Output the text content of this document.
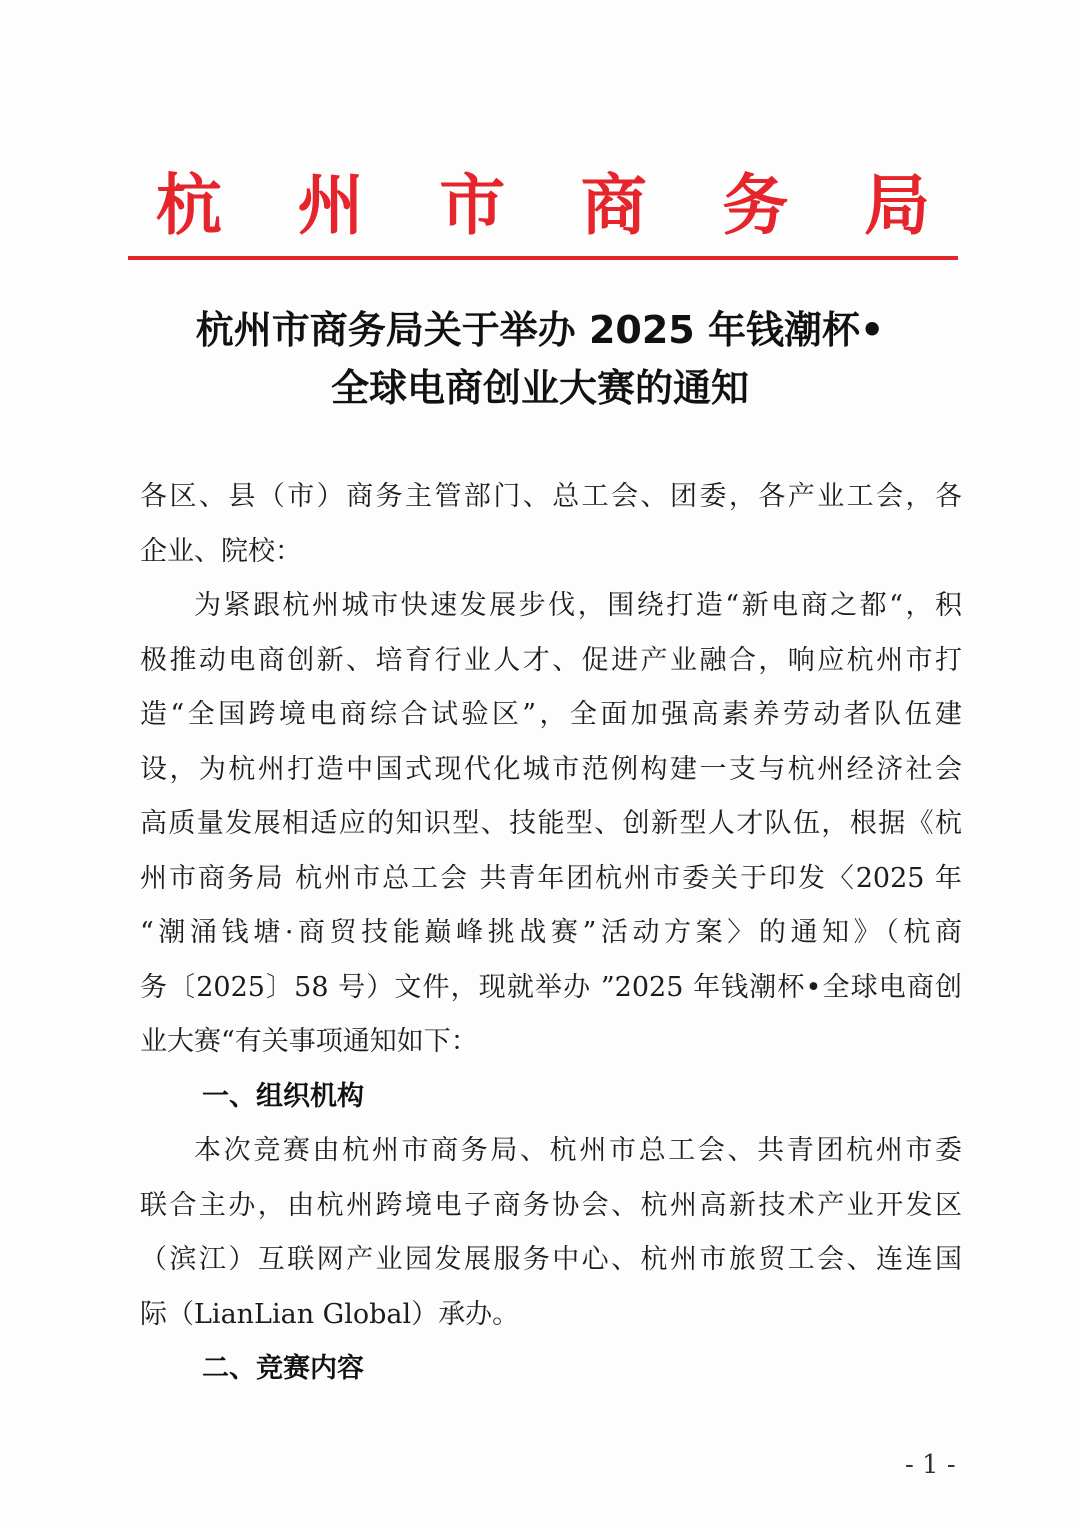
杭	州	市	商	务	局
杭州市商务局关于举办 2025 年钱潮杯•
全球电商创业大赛的通知
各区、县（市）商务主管部门、总工会、团委，各产业工会，各
企业、院校：
为紧跟杭州城市快速发展步伐，围绕打造“新电商之都“，积
极推动电商创新、培育行业人才、促进产业融合，响应杭州市打
造“全国跨境电商综合试验区”，全面加强高素养劳动者队伍建
设，为杭州打造中国式现代化城市范例构建一支与杭州经济社会
高质量发展相适应的知识型、技能型、创新型人才队伍，根据《杭
州市商务局 杭州市总工会 共青年团杭州市委关于印发〈2025 年
“潮涌钱塘·商贸技能巅峰挑战赛”活动方案〉的通知》（杭商
务〔2025〕58 号）文件，现就举办 ”2025 年钱潮杯•全球电商创
业大赛“有关事项通知如下：
一、组织机构
本次竞赛由杭州市商务局、杭州市总工会、共青团杭州市委
联合主办，由杭州跨境电子商务协会、杭州高新技术产业开发区
（滨江）互联网产业园发展服务中心、杭州市旅贸工会、连连国
际（LianLian Global）承办。
二、竞赛内容
- 1 -
